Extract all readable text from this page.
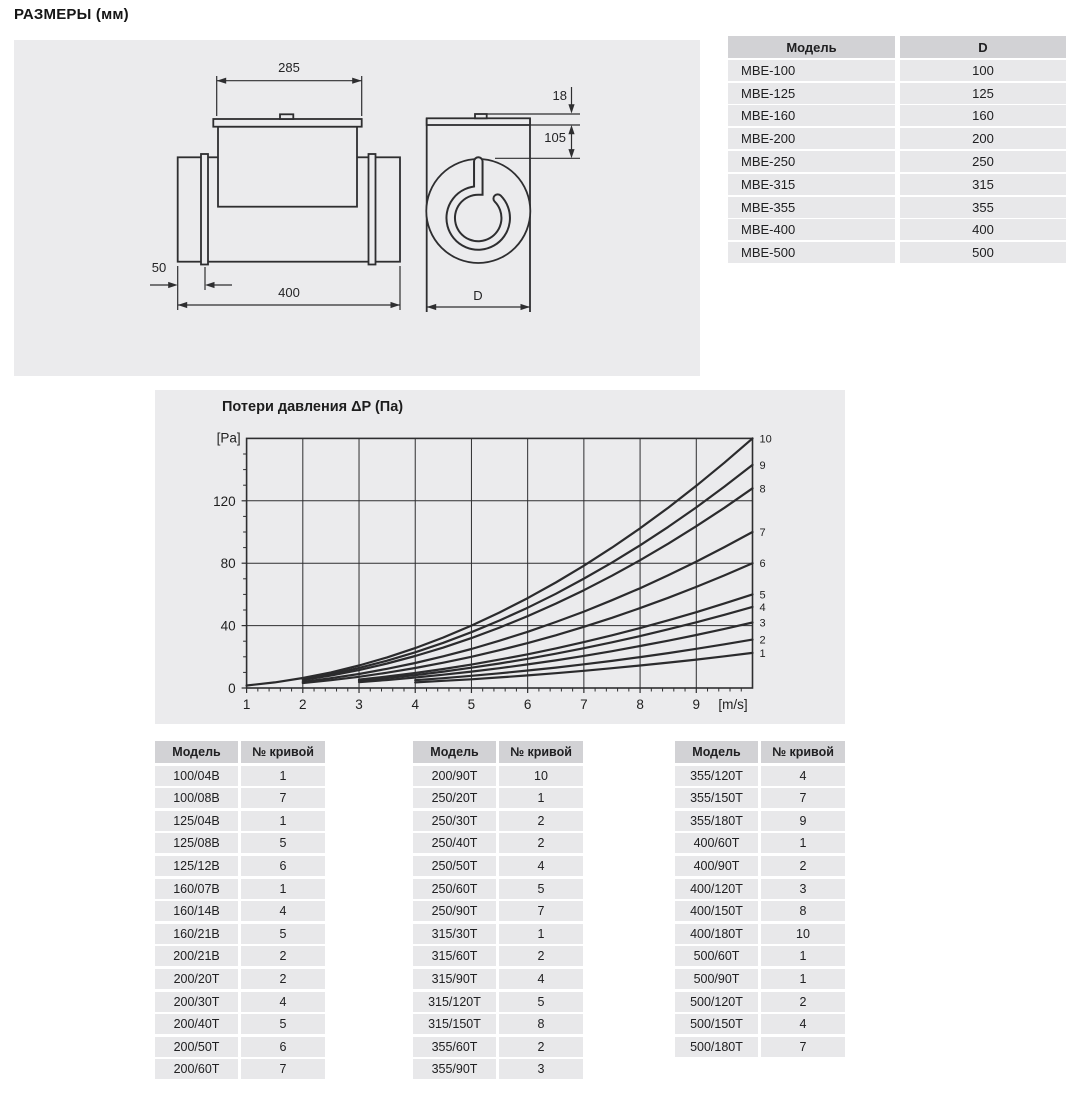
РАЗМЕРЫ (мм)
285
18
105
50
400	D
Модель	D
MBE-100	100
MBE-125	125
MBE-160	160
MBE-200	200
MBE-250	250
MBE-315	315
MBE-355	355
MBE-400	400
MBE-500	500
Потери давления ΔP (Па)
1
2
3
4
5
6
7
8
9
10
0
40
80
120
[Pa]
1	2	3	4	5	6	7	8	9 [m/s]
Модель	№ кривой
100/04B	1
100/08B	7
125/04B	1
125/08B	5
125/12B	6
160/07B	1
160/14B	4
160/21B	5
200/21B	2
200/20T	2
200/30T	4
200/40T	5
200/50T	6
200/60T	7
Модель	№ кривой
200/90T	10
250/20T	1
250/30T	2
250/40T	2
250/50T	4
250/60T	5
250/90T	7
315/30T	1
315/60T	2
315/90T	4
315/120T	5
315/150T	8
355/60T	2
355/90T	3
Модель	№ кривой
355/120T	4
355/150T	7
355/180T	9
400/60T	1
400/90T	2
400/120T	3
400/150T	8
400/180T	10
500/60T	1
500/90T	1
500/120T	2
500/150T	4
500/180T	7
